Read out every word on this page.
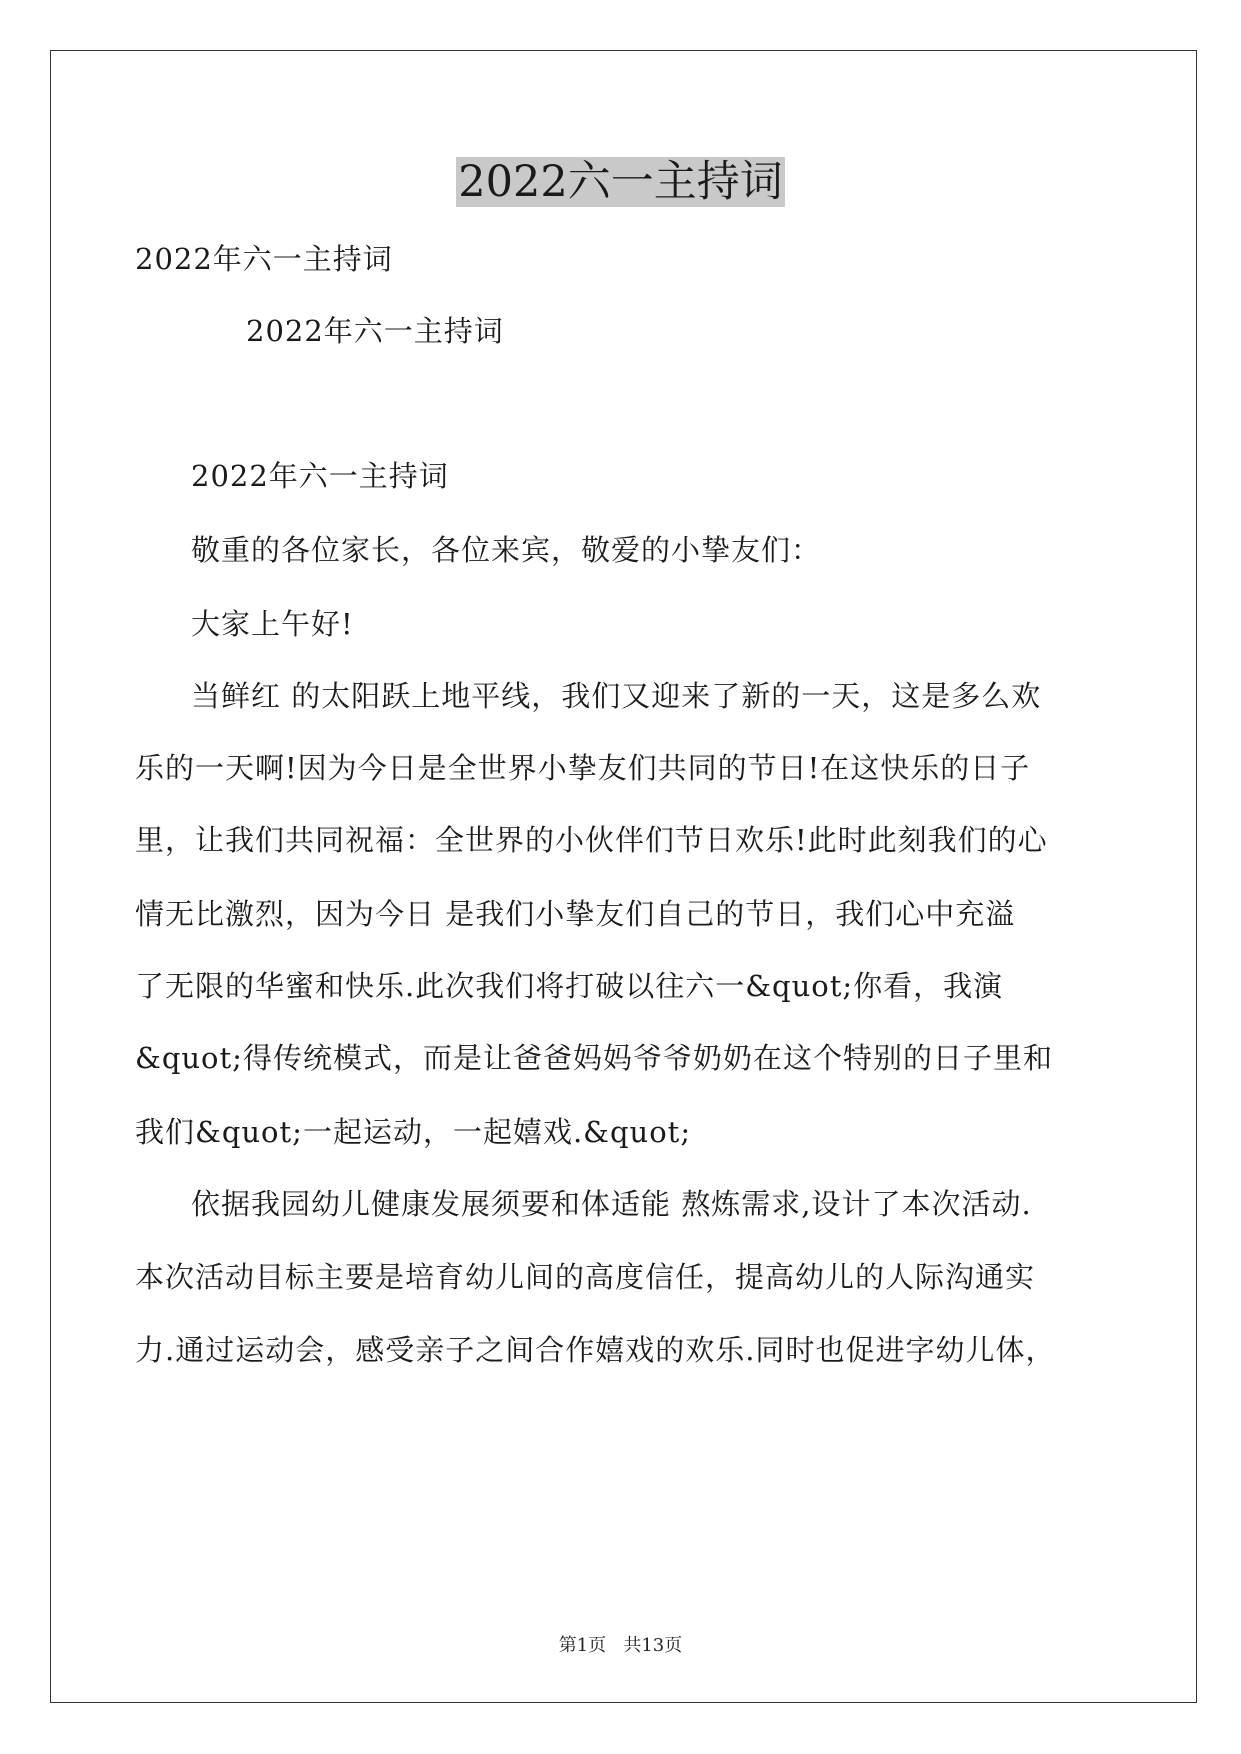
2022六一主持词
2022年六一主持词
2022年六一主持词
2022年六一主持词
敬重的各位家长，各位来宾，敬爱的小挚友们：
大家上午好!
当鲜红 的太阳跃上地平线，我们又迎来了新的一天，这是多么欢
乐的一天啊!因为今日是全世界小挚友们共同的节日!在这快乐的日子
里，让我们共同祝福：全世界的小伙伴们节日欢乐!此时此刻我们的心
情无比激烈，因为今日 是我们小挚友们自己的节日，我们心中充溢
了无限的华蜜和快乐.此次我们将打破以往六一&quot;你看，我演
&quot;得传统模式，而是让爸爸妈妈爷爷奶奶在这个特别的日子里和
我们&quot;一起运动，一起嬉戏.&quot;
依据我园幼儿健康发展须要和体适能 熬炼需求,设计了本次活动.
本次活动目标主要是培育幼儿间的高度信任，提高幼儿的人际沟通实
力.通过运动会，感受亲子之间合作嬉戏的欢乐.同时也促进字幼儿体，
第1页   共13页
